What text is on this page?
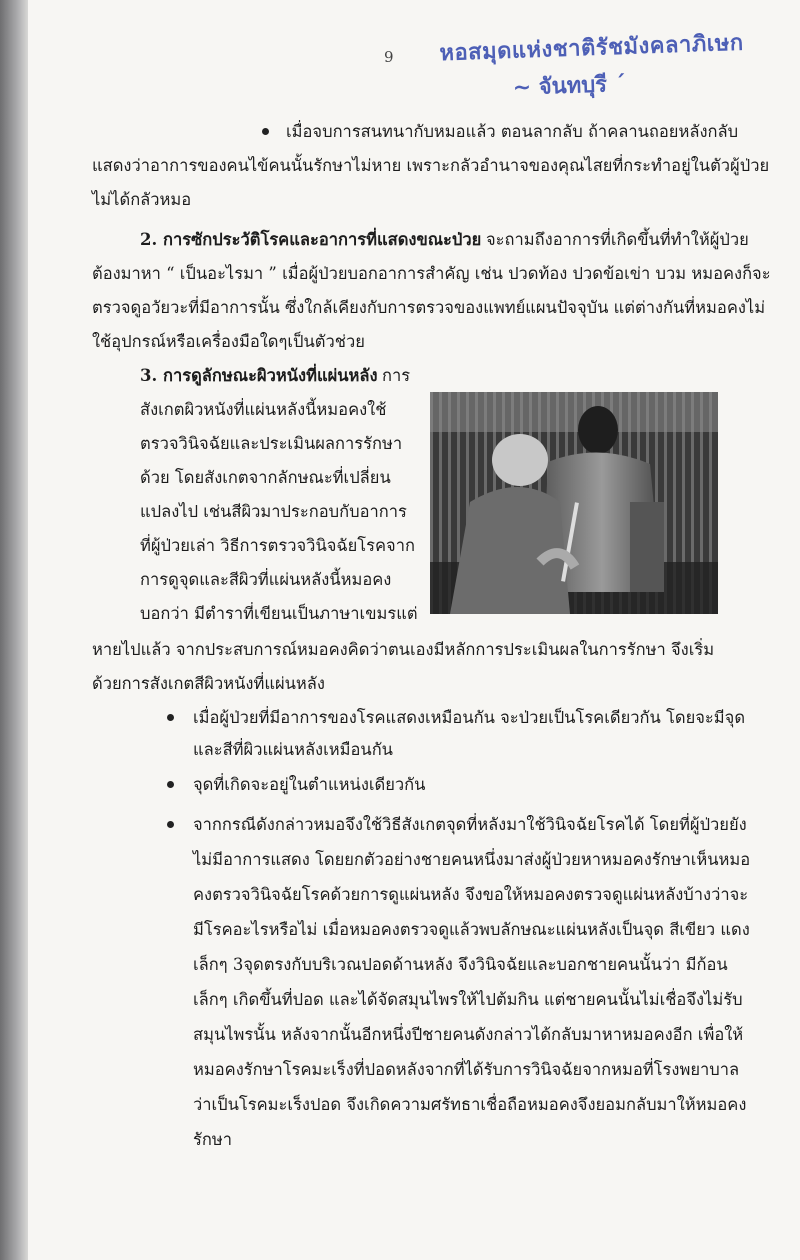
9 หอสมุดแห่งชาติรัชมังคลาภิเษก
~ จันทบุรี ´
เมื่อจบการสนทนากับหมอแล้ว ตอนลากลับ ถ้าคลานถอยหลังกลับ
แสดงว่าอาการของคนไข้คนนั้นรักษาไม่หาย เพราะกลัวอำนาจของคุณไสยที่กระทำอยู่ในตัวผู้ป่วย
ไม่ได้กลัวหมอ
2. การซักประวัติโรคและอาการที่แสดงขณะป่วย จะถามถึงอาการที่เกิดขึ้นที่ทำให้ผู้ป่วย
ต้องมาหา “ เป็นอะไรมา ” เมื่อผู้ป่วยบอกอาการสำคัญ เช่น ปวดท้อง ปวดข้อเข่า บวม หมอคงก็จะ
ตรวจดูอวัยวะที่มีอาการนั้น ซึ่งใกล้เคียงกับการตรวจของแพทย์แผนปัจจุบัน แต่ต่างกันที่หมอคงไม่
ใช้อุปกรณ์หรือเครื่องมือใดๆเป็นตัวช่วย
3. การดูลักษณะผิวหนังที่แผ่นหลัง การ
สังเกตผิวหนังที่แผ่นหลังนี้หมอคงใช้
ตรวจวินิจฉัยและประเมินผลการรักษา
ด้วย โดยสังเกตจากลักษณะที่เปลี่ยน
แปลงไป เช่นสีผิวมาประกอบกับอาการ
ที่ผู้ป่วยเล่า วิธีการตรวจวินิจฉัยโรคจาก
การดูจุดและสีผิวที่แผ่นหลังนี้หมอคง
บอกว่า มีตำราที่เขียนเป็นภาษาเขมรแต่
หายไปแล้ว จากประสบการณ์หมอคงคิดว่าตนเองมีหลักการประเมินผลในการรักษา จึงเริ่ม
ด้วยการสังเกตสีผิวหนังที่แผ่นหลัง
เมื่อผู้ป่วยที่มีอาการของโรคแสดงเหมือนกัน จะป่วยเป็นโรคเดียวกัน โดยจะมีจุด
และสีที่ผิวแผ่นหลังเหมือนกัน
จุดที่เกิดจะอยู่ในตำแหน่งเดียวกัน
จากกรณีดังกล่าวหมอจึงใช้วิธีสังเกตจุดที่หลังมาใช้วินิจฉัยโรคได้ โดยที่ผู้ป่วยยัง
ไม่มีอาการแสดง โดยยกตัวอย่างชายคนหนึ่งมาส่งผู้ป่วยหาหมอคงรักษาเห็นหมอ
คงตรวจวินิจฉัยโรคด้วยการดูแผ่นหลัง จึงขอให้หมอคงตรวจดูแผ่นหลังบ้างว่าจะ
มีโรคอะไรหรือไม่ เมื่อหมอคงตรวจดูแล้วพบลักษณะแผ่นหลังเป็นจุด สีเขียว แดง
เล็กๆ 3จุดตรงกับบริเวณปอดด้านหลัง จึงวินิจฉัยและบอกชายคนนั้นว่า มีก้อน
เล็กๆ เกิดขึ้นที่ปอด และได้จัดสมุนไพรให้ไปต้มกิน แต่ชายคนนั้นไม่เชื่อจึงไม่รับ
สมุนไพรนั้น หลังจากนั้นอีกหนึ่งปีชายคนดังกล่าวได้กลับมาหาหมอคงอีก เพื่อให้
หมอคงรักษาโรคมะเร็งที่ปอดหลังจากที่ได้รับการวินิจฉัยจากหมอที่โรงพยาบาล
ว่าเป็นโรคมะเร็งปอด จึงเกิดความศรัทธาเชื่อถือหมอคงจึงยอมกลับมาให้หมอคง
รักษา
